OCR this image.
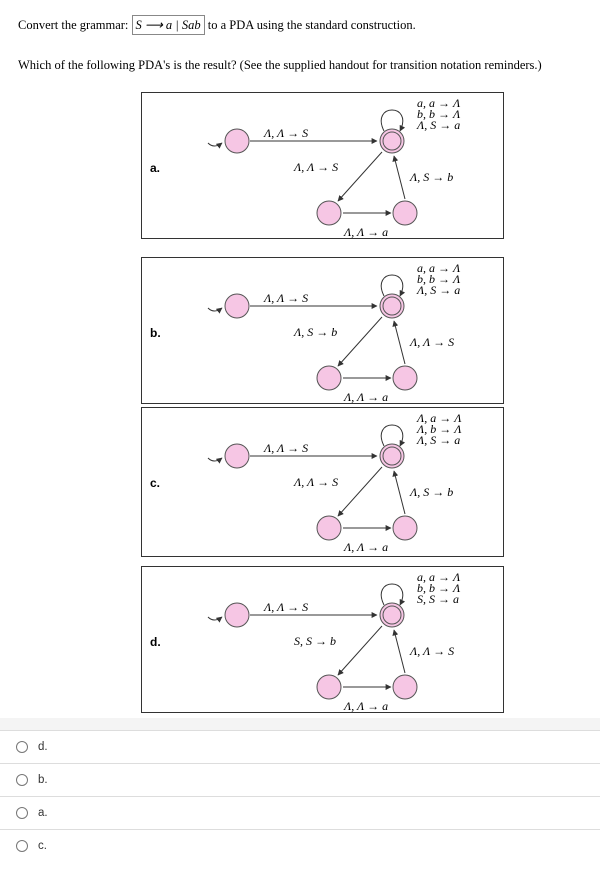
Convert the grammar: S ⟶ a | Sab to a PDA using the standard construction.
Which of the following PDA's is the result? (See the supplied handout for transition notation reminders.)
Λ, Λ → S
a, a → Λ
b, b → Λ
Λ, S → a
Λ, Λ → S
Λ, S → b
Λ, Λ → a
a.
Λ, Λ → S
a, a → Λ
b, b → Λ
Λ, S → a
Λ, S → b
Λ, Λ → S
Λ, Λ → a
b.
Λ, Λ → S
Λ, a → Λ
Λ, b → Λ
Λ, S → a
Λ, Λ → S
Λ, S → b
Λ, Λ → a
c.
Λ, Λ → S
a, a → Λ
b, b → Λ
S, S → a
S, S → b
Λ, Λ → S
Λ, Λ → a
d.
d.
b.
a.
c.
